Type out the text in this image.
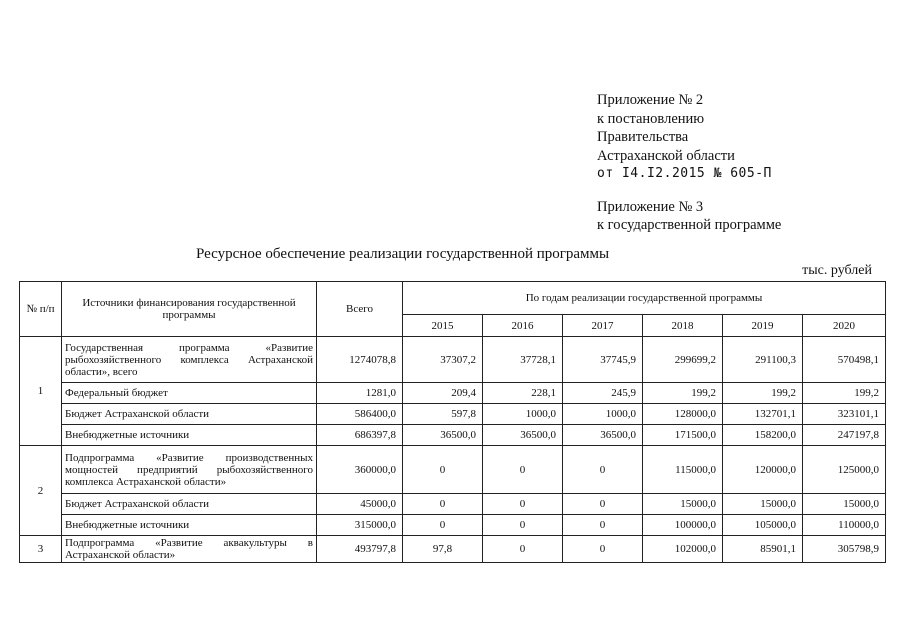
Приложение № 2
к постановлению
Правительства
Астраханской области
от I4.I2.2015 № 605-П
Приложение № 3
к государственной программе
Ресурсное обеспечение реализации государственной программы
тыс. рублей
№ п/п	Источники финансирования государственной программы	Всего	По годам реализации государственной программы					
			2015	2016	2017	2018	2019	2020
1	Государственная программа «Развитие рыбохозяйственного комплекса Астраханской области», всего	1274078,8	37307,2	37728,1	37745,9	299699,2	291100,3	570498,1
	Федеральный бюджет	1281,0	209,4	228,1	245,9	199,2	199,2	199,2
	Бюджет Астраханской области	586400,0	597,8	1000,0	1000,0	128000,0	132701,1	323101,1
	Внебюджетные источники	686397,8	36500,0	36500,0	36500,0	171500,0	158200,0	247197,8
2	Подпрограмма «Развитие производственных мощностей предприятий рыбохозяйственного комплекса Астраханской области»	360000,0	0	0	0	115000,0	120000,0	125000,0
	Бюджет Астраханской области	45000,0	0	0	0	15000,0	15000,0	15000,0
	Внебюджетные источники	315000,0	0	0	0	100000,0	105000,0	110000,0
3	Подпрограмма «Развитие аквакультуры в Астраханской области»	493797,8	97,8	0	0	102000,0	85901,1	305798,9
